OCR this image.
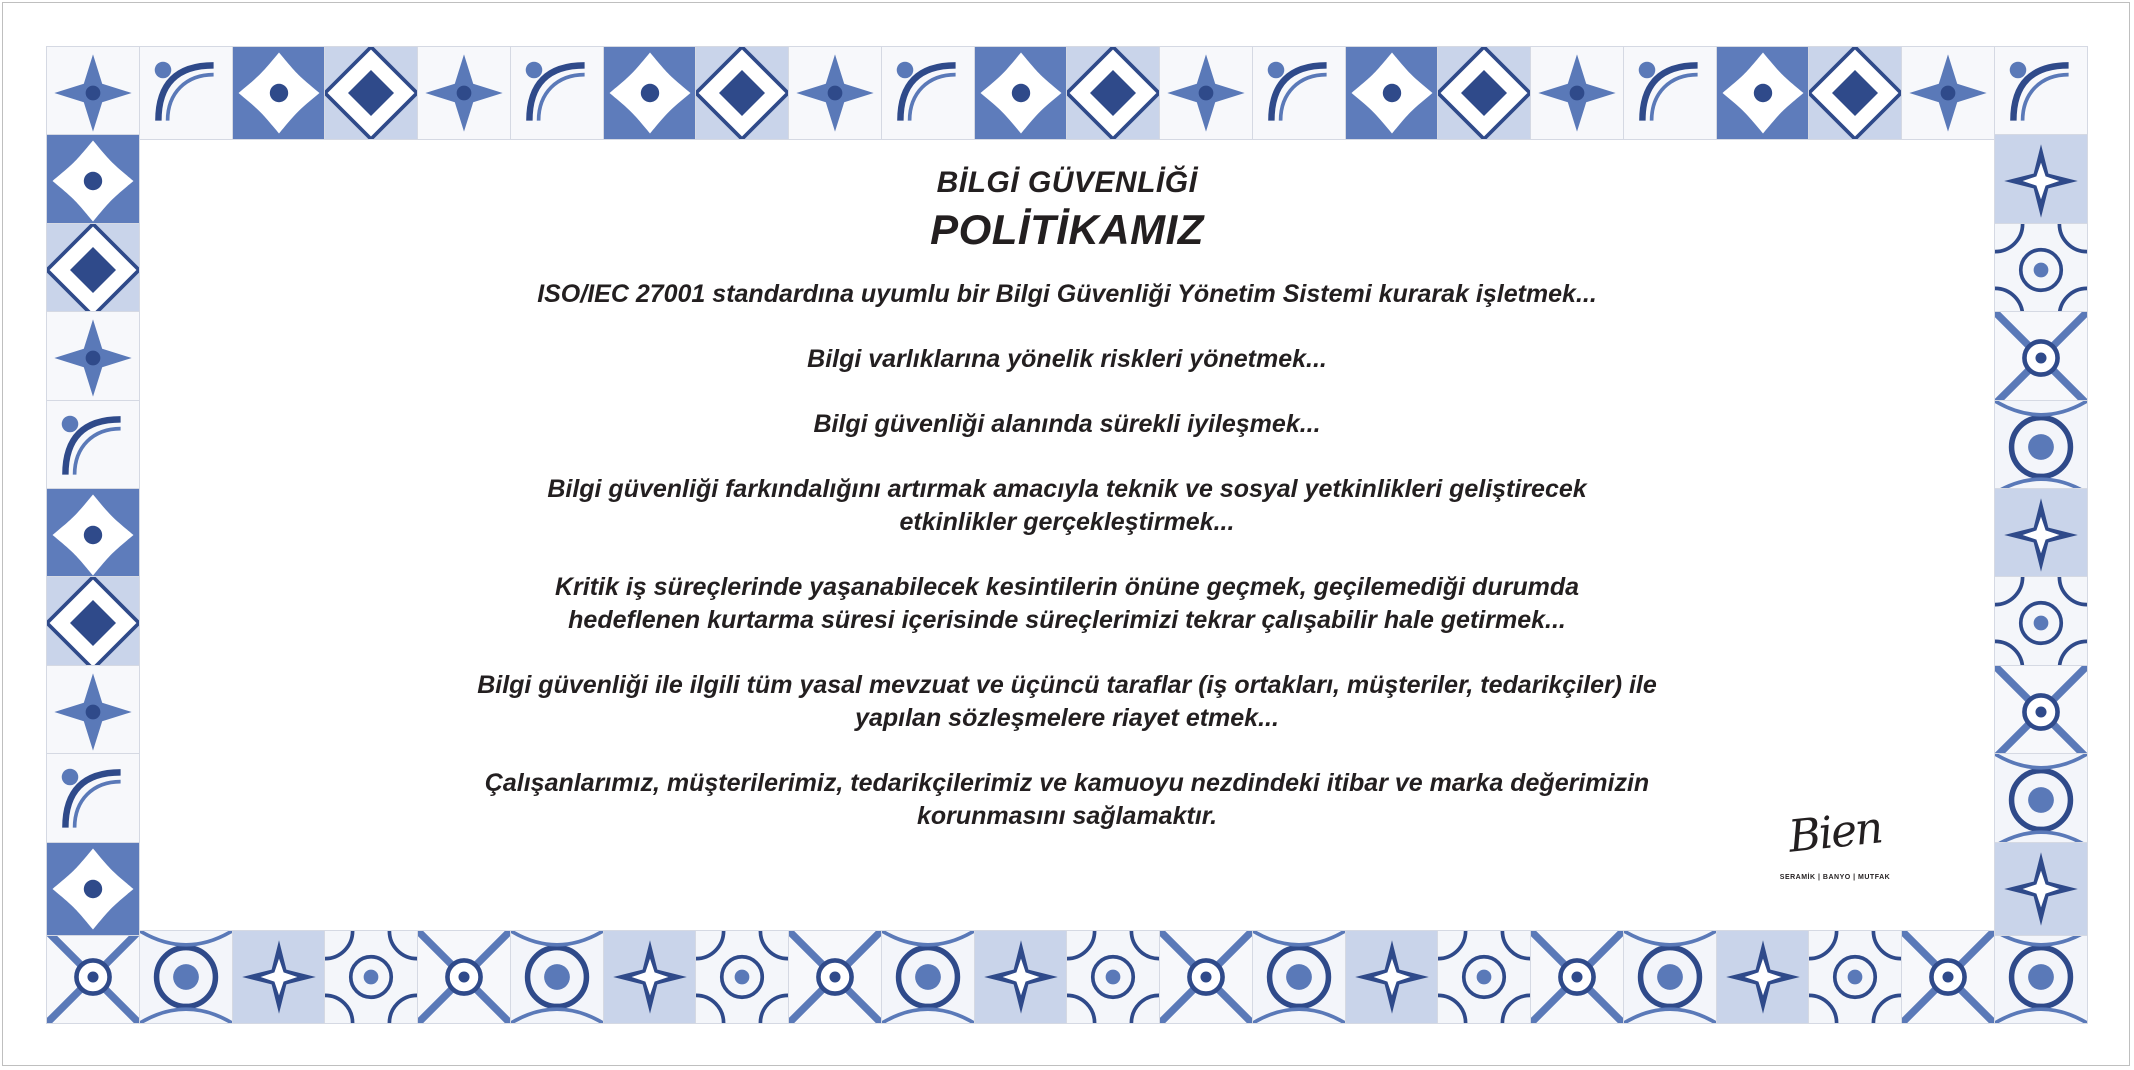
BİLGİ GÜVENLİĞİ
POLİTİKAMIZ

ISO/IEC 27001 standardına uyumlu bir Bilgi Güvenliği Yönetim Sistemi kurarak işletmek...

Bilgi varlıklarına yönelik riskleri yönetmek...

Bilgi güvenliği alanında sürekli iyileşmek...

Bilgi güvenliği farkındalığını artırmak amacıyla teknik ve sosyal yetkinlikleri geliştirecek
etkinlikler gerçekleştirmek...

Kritik iş süreçlerinde yaşanabilecek kesintilerin önüne geçmek, geçilemediği durumda
hedeflenen kurtarma süresi içerisinde süreçlerimizi tekrar çalışabilir hale getirmek...

Bilgi güvenliği ile ilgili tüm yasal mevzuat ve üçüncü taraflar (iş ortakları, müşteriler, tedarikçiler) ile
yapılan sözleşmelere riayet etmek...

Çalışanlarımız, müşterilerimiz, tedarikçilerimiz ve kamuoyu nezdindeki itibar ve marka değerimizin
korunmasını sağlamaktır.	Bien
SERAMİK | BANYO | MUTFAK
